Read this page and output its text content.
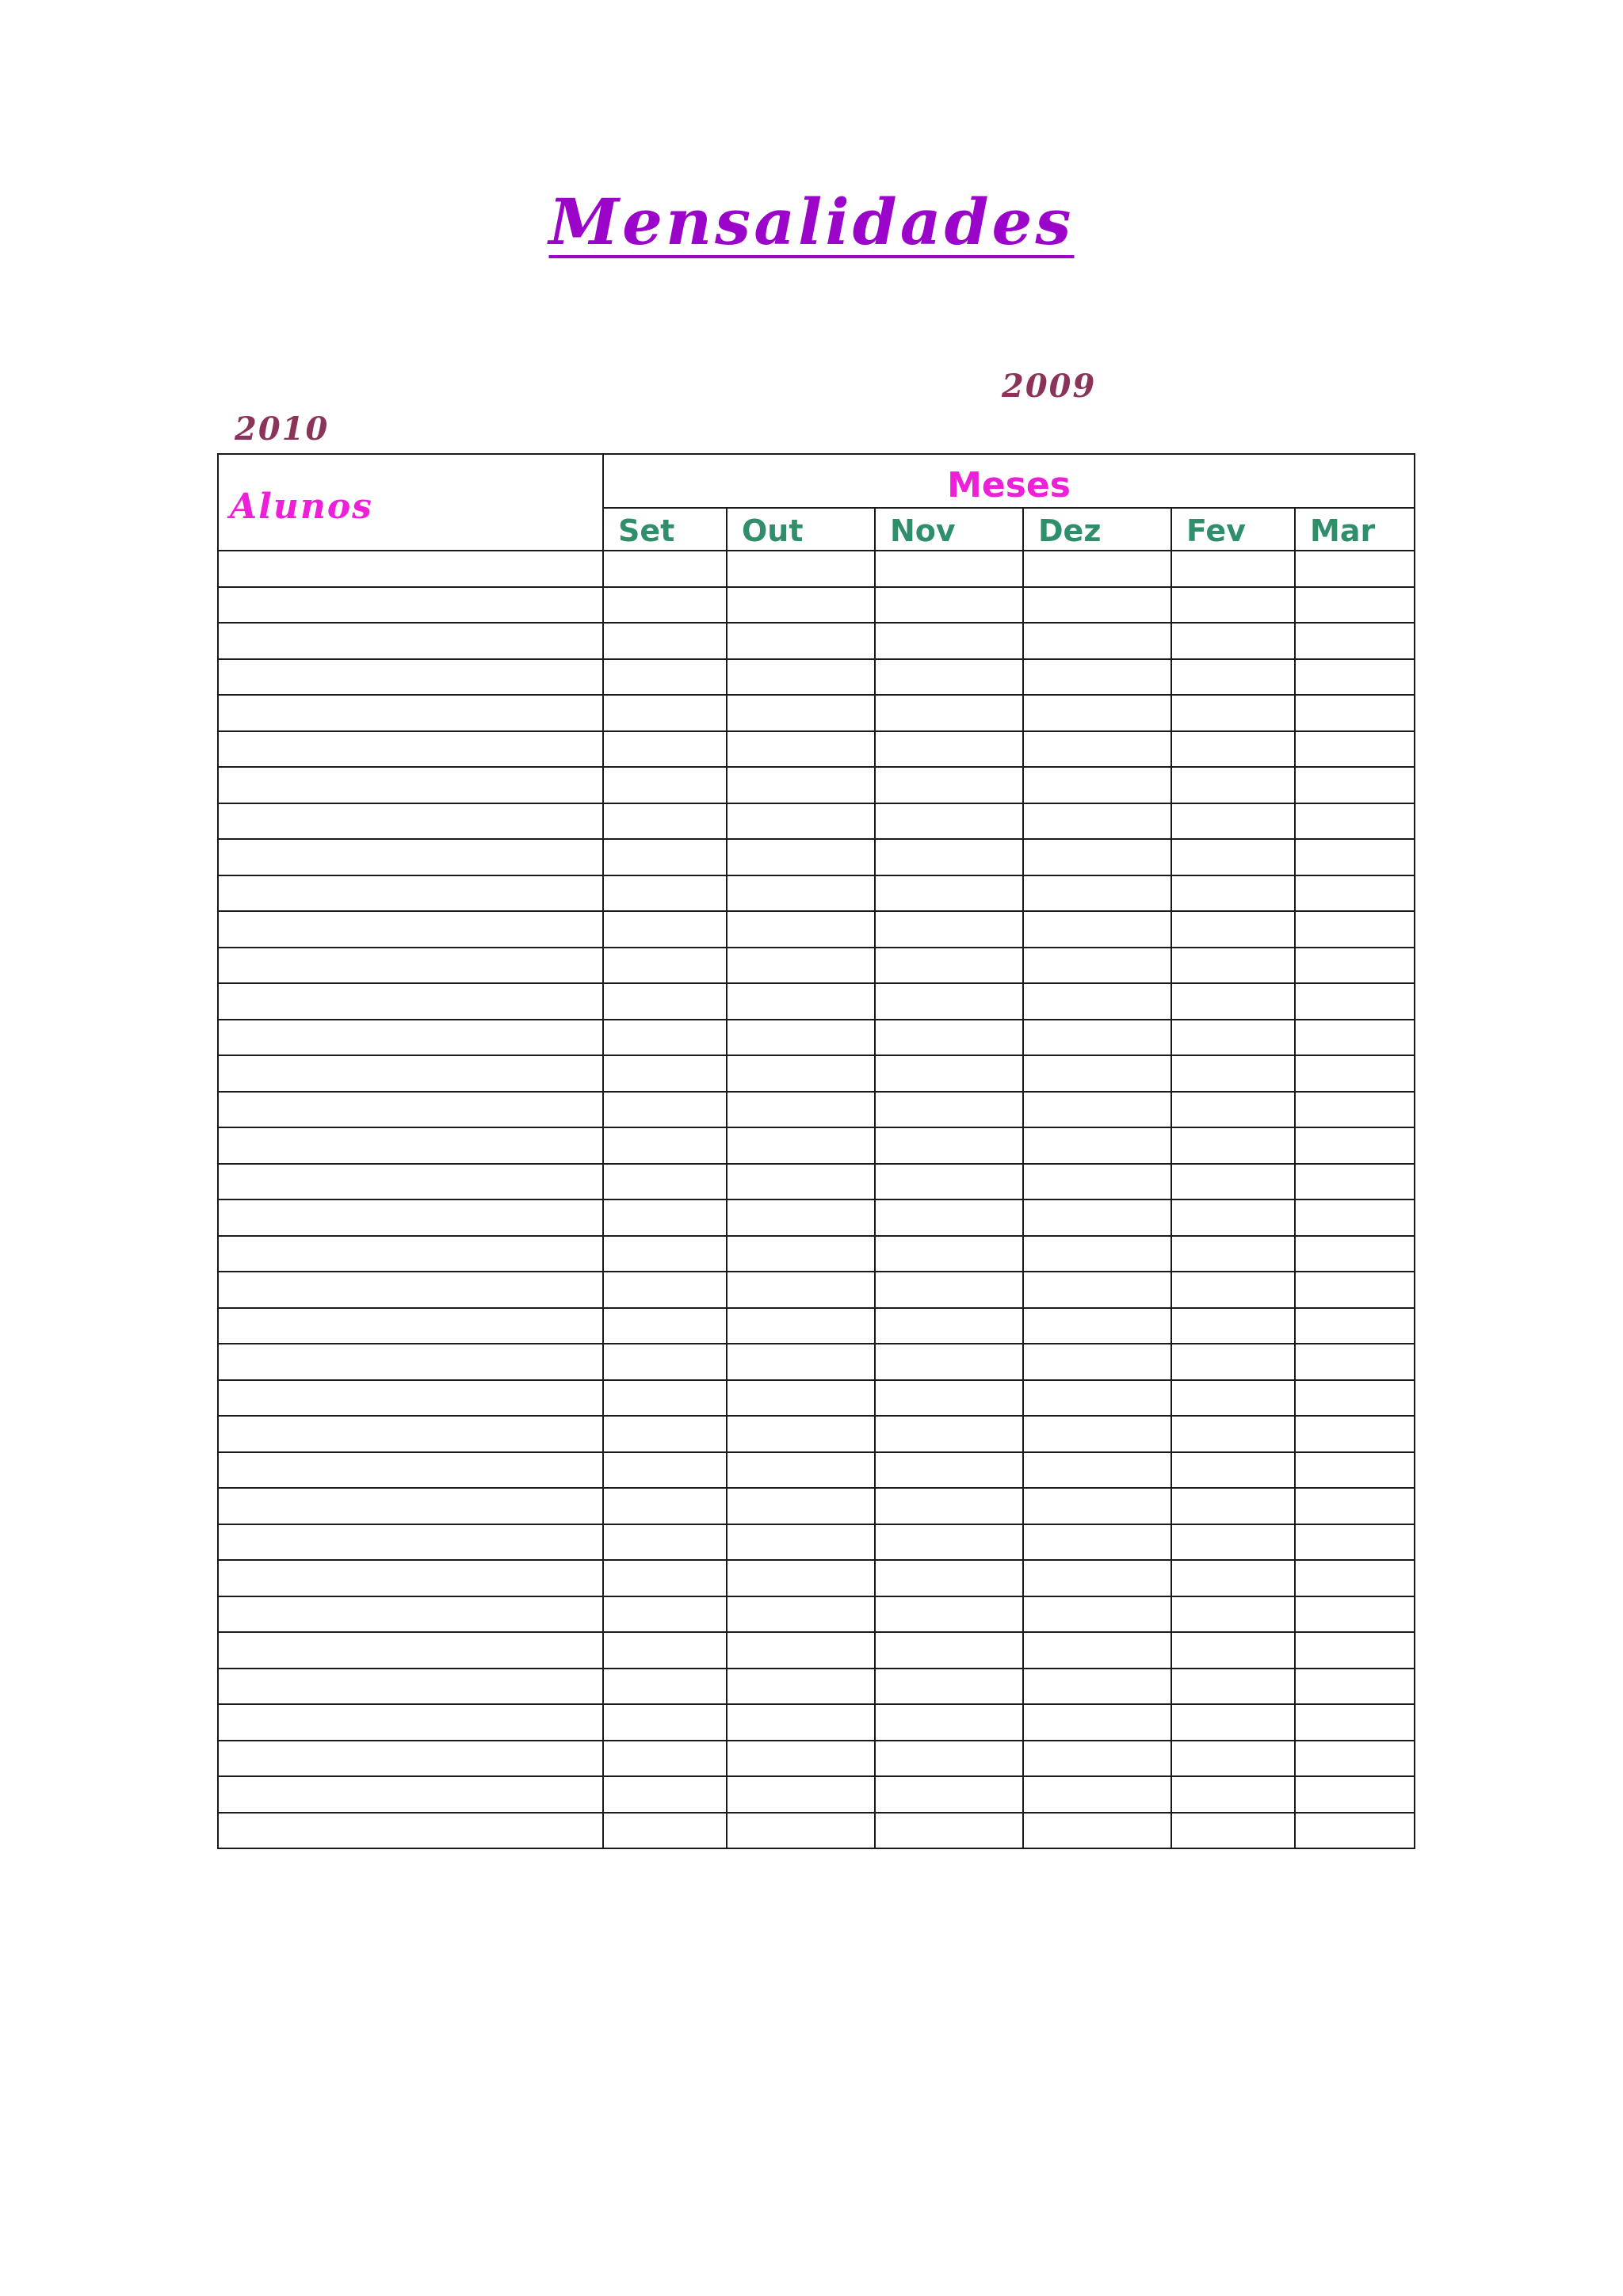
Mensalidades
2009
2010
Alunos	Meses					
	Set	Out	Nov	Dez	Fev	Mar
